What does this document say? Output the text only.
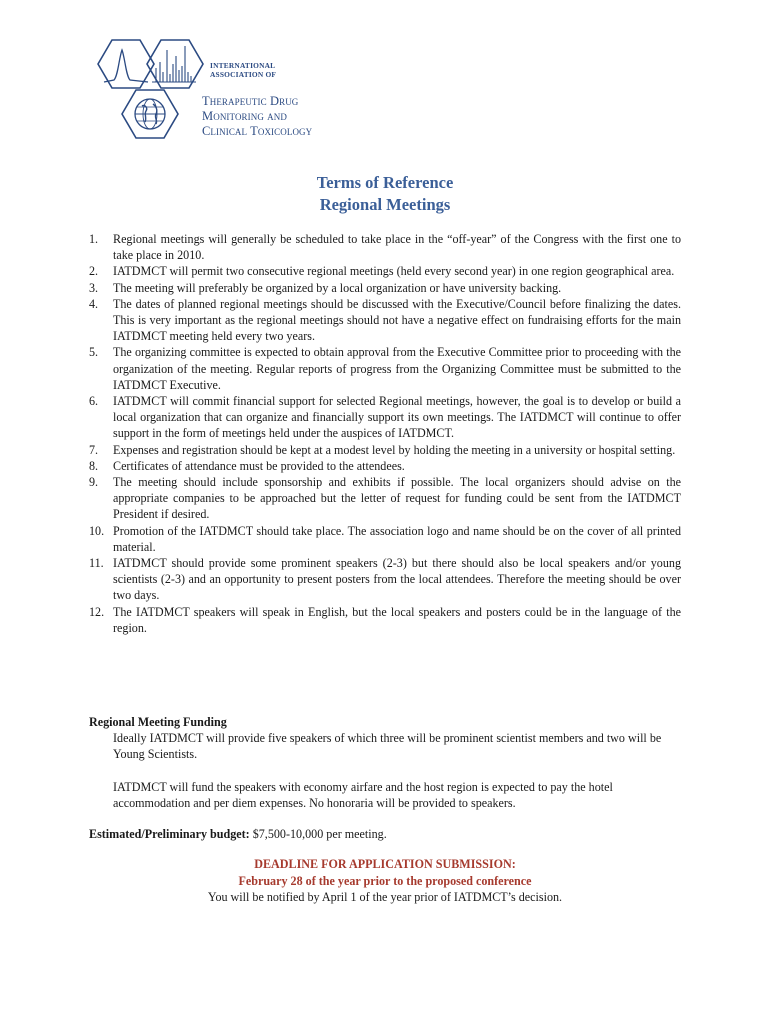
INTERNATIONAL
ASSOCIATION OF
Therapeutic Drug
Monitoring and
Clinical Toxicology
Terms of Reference
Regional Meetings
1. Regional meetings will generally be scheduled to take place in the “off-year” of the Congress with the first one to take place in 2010.
2. IATDMCT will permit two consecutive regional meetings (held every second year) in one region geographical area.
3. The meeting will preferably be organized by a local organization or have university backing.
4. The dates of planned regional meetings should be discussed with the Executive/Council before finalizing the dates. This is very important as the regional meetings should not have a negative effect on fundraising efforts for the main IATDMCT meeting held every two years.
5. The organizing committee is expected to obtain approval from the Executive Committee prior to proceeding with the organization of the meeting. Regular reports of progress from the Organizing Committee must be submitted to the IATDMCT Executive.
6. IATDMCT will commit financial support for selected Regional meetings, however, the goal is to develop or build a local organization that can organize and financially support its own meetings. The IATDMCT will continue to offer support in the form of meetings held under the auspices of IATDMCT.
7. Expenses and registration should be kept at a modest level by holding the meeting in a university or hospital setting.
8. Certificates of attendance must be provided to the attendees.
9. The meeting should include sponsorship and exhibits if possible. The local organizers should advise on the appropriate companies to be approached but the letter of request for funding could be sent from the IATDMCT President if desired.
10. Promotion of the IATDMCT should take place. The association logo and name should be on the cover of all printed material.
11. IATDMCT should provide some prominent speakers (2-3) but there should also be local speakers and/or young scientists (2-3) and an opportunity to present posters from the local attendees. Therefore the meeting should be over two days.
12. The IATDMCT speakers will speak in English, but the local speakers and posters could be in the language of the region.
Regional Meeting Funding

Ideally IATDMCT will provide five speakers of which three will be prominent scientist members and two will be Young Scientists.

IATDMCT will fund the speakers with economy airfare and the host region is expected to pay the hotel accommodation and per diem expenses. No honoraria will be provided to speakers.

Estimated/Preliminary budget: $7,500-10,000 per meeting.
DEADLINE FOR APPLICATION SUBMISSION:
February 28 of the year prior to the proposed conference
You will be notified by April 1 of the year prior of IATDMCT’s decision.
